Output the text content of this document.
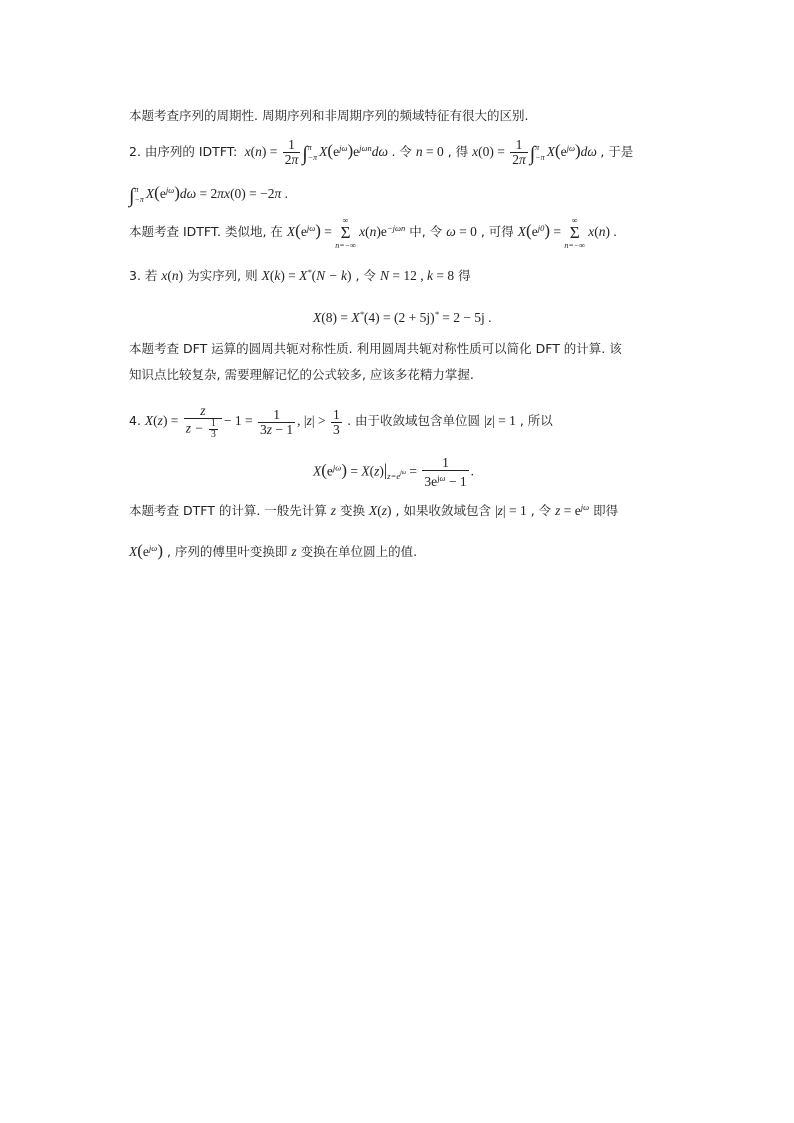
本题考查序列的周期性. 周期序列和非周期序列的频域特征有很大的区别.
2. 由序列的 IDTFT:  $x(n) = \frac{1}{2\pi}$ ∫ π
−π $X(e^{j\omega})e^{j\omega n}d\omega$ . 令 n = 0 , 得 $x(0) = \frac{1}{2\pi}$ ∫ π
−π $X(e^{j\omega})d\omega$ , 于是
∫ π
−π $X(e^{j\omega})d\omega = 2\pi x(0) = -2\pi$ .
本题考查 IDTFT. 类似地, 在 $X(e^{j\omega})$ =
∞
Σ
n=−∞
$x(n)e^{-j\omega n}$ 中, 令 ω = 0 , 可得 $X(e^{j0})$ =
∞
Σ
n=−∞
x(n) .
3. 若 x(n) 为实序列, 则 X(k) = X*(N − k) , 令 N = 12 , k = 8 得
X(8) = X*(4) = (2 + 5j)* = 2 − 5j .
本题考查 DFT 运算的圆周共轭对称性质. 利用圆周共轭对称性质可以简化 DFT 的计算. 该
知识点比较复杂, 需要理解记忆的公式较多, 应该多花精力掌握.
4. $X(z) = \frac{z}{z - \frac{1}{3}} - 1 = \frac{1}{3z - 1}$ , $|z| > \frac{1}{3}$ . 由于收敛域包含单位圆 |z| = 1 , 所以
$X(e^{j\omega}) = X(z)|_{z=e^{j\omega}} = \frac{1}{3e^{j\omega} - 1}$ .
本题考查 DTFT 的计算. 一般先计算 z 变换 X(z) , 如果收敛域包含 |z| = 1 , 令 $z = e^{j\omega}$ 即得
$X(e^{j\omega})$ , 序列的傅里叶变换即 z 变换在单位圆上的值.
